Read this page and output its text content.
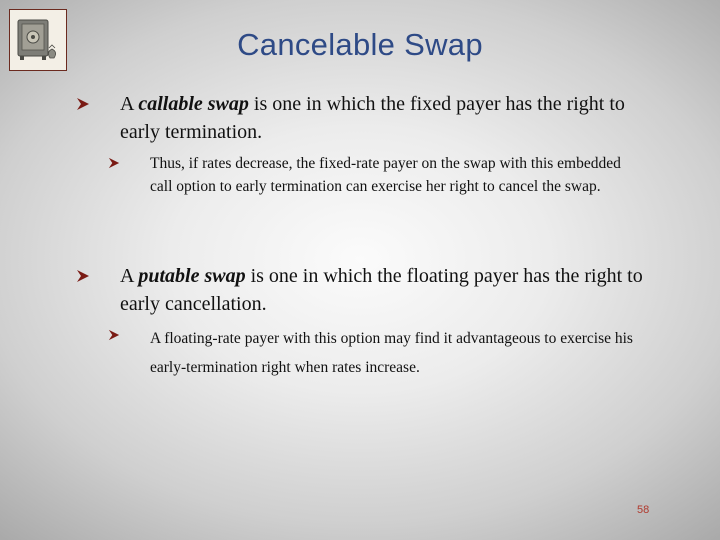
Cancelable Swap
A callable swap is one in which the fixed payer has the right to early termination.
Thus, if rates decrease, the fixed-rate payer on the swap with this embedded call option to early termination can exercise her right to cancel the swap.
A putable swap is one in which the floating payer has the right to early cancellation.
A floating-rate payer with this option may find it advantageous to exercise his early-termination right when rates increase.
58
